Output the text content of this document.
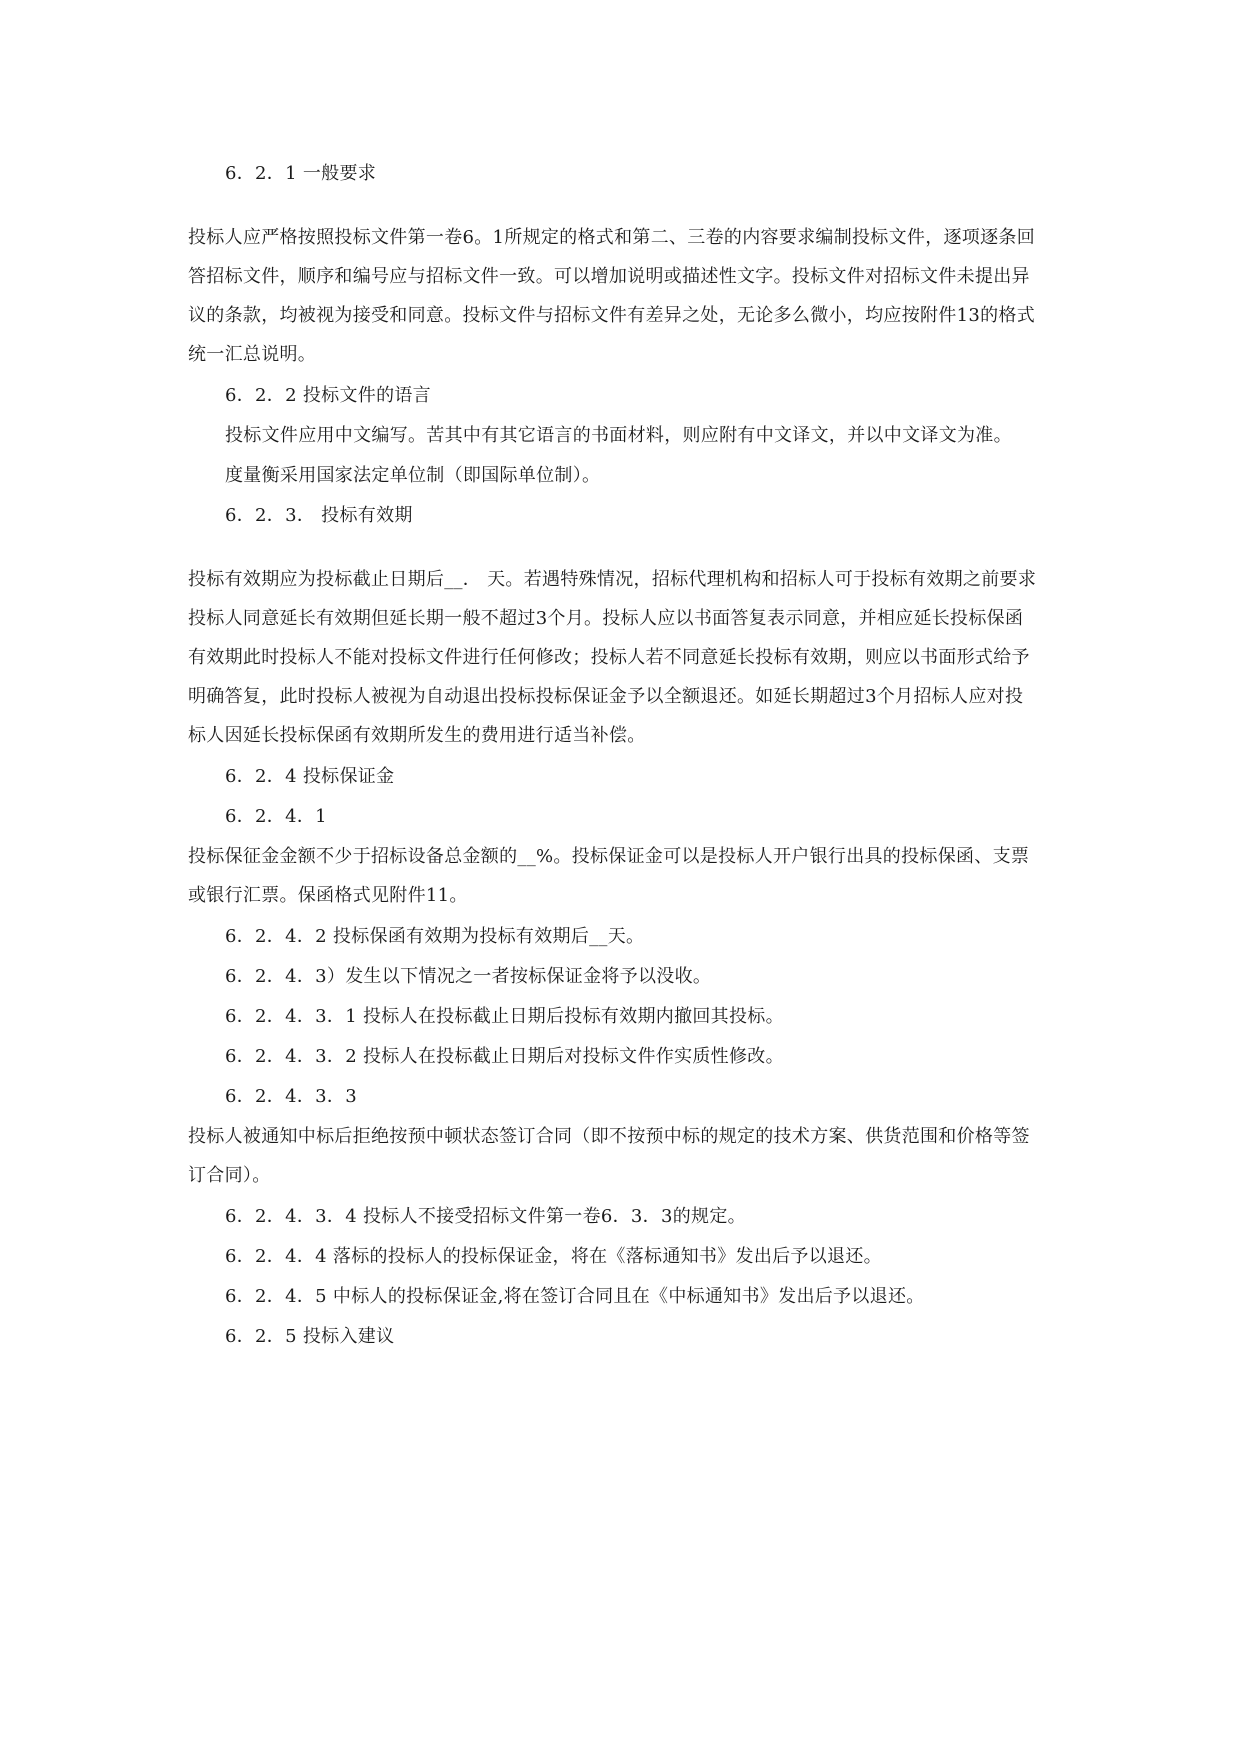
6．2．1 一般要求
投标人应严格按照投标文件第一卷6。1所规定的格式和第二、三卷的内容要求编制投标文件，逐项逐条回
答招标文件，顺序和编号应与招标文件一致。可以增加说明或描述性文字。投标文件对招标文件未提出异
议的条款，均被视为接受和同意。投标文件与招标文件有差异之处，无论多么微小，均应按附件13的格式
统一汇总说明。
6．2．2 投标文件的语言
投标文件应用中文编写。苦其中有其它语言的书面材料，则应附有中文译文，并以中文译文为准。
度量衡采用国家法定单位制（即国际单位制）。
6．2．3． 投标有效期
投标有效期应为投标截止日期后__． 天。若遇特殊情况，招标代理机构和招标人可于投标有效期之前要求
投标人同意延长有效期但延长期一般不超过3个月。投标人应以书面答复表示同意，并相应延长投标保函
有效期此时投标人不能对投标文件进行任何修改；投标人若不同意延长投标有效期，则应以书面形式给予
明确答复，此时投标人被视为自动退出投标投标保证金予以全额退还。如延长期超过3个月招标人应对投
标人因延长投标保函有效期所发生的费用进行适当补偿。
6．2．4 投标保证金
6．2．4．1
投标保征金金额不少于招标设备总金额的__%。投标保证金可以是投标人开户银行出具的投标保函、支票
或银行汇票。保函格式见附件11。
6．2．4．2 投标保函有效期为投标有效期后__天。
6．2．4．3）发生以下情况之一者按标保证金将予以没收。
6．2．4．3．1 投标人在投标截止日期后投标有效期内撤回其投标。
6．2．4．3．2 投标人在投标截止日期后对投标文件作实质性修改。
6．2．4．3．3
投标人被通知中标后拒绝按预中顿状态签订合同（即不按预中标的规定的技术方案、供货范围和价格等签
订合同）。
6．2．4．3．4 投标人不接受招标文件第一卷6．3．3的规定。
6．2．4．4 落标的投标人的投标保证金，将在《落标通知书》发出后予以退还。
6．2．4．5 中标人的投标保证金,将在签订合同且在《中标通知书》发出后予以退还。
6．2．5 投标入建议
